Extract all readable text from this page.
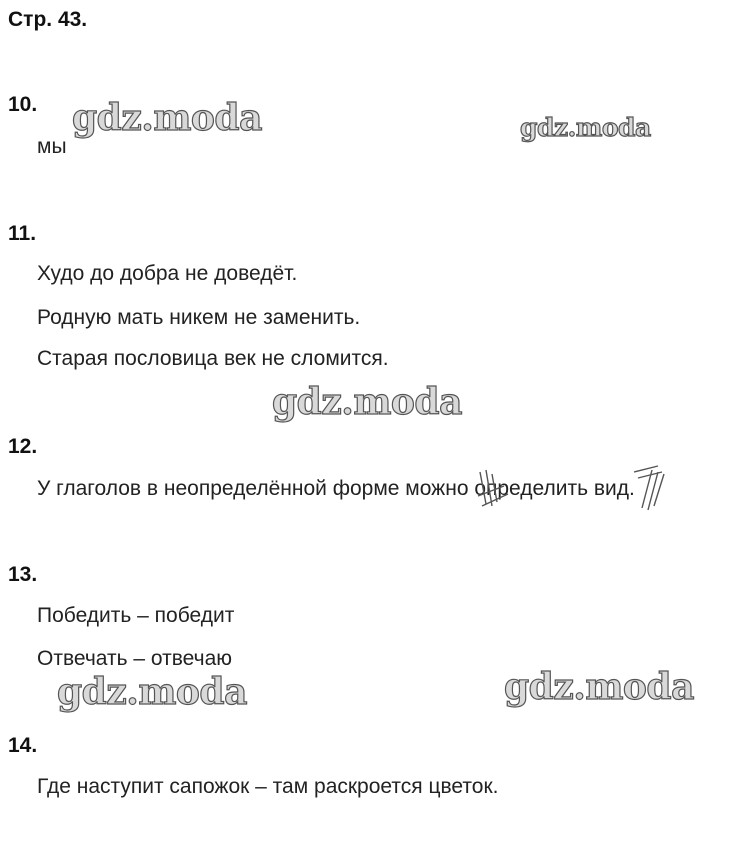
Стр. 43.
10.
мы
11.
Худо до добра не доведёт.
Родную мать никем не заменить.
Старая пословица век не сломится.
12.
У глаголов в неопределённой форме можно определить вид.
13.
Победить – победит
Отвечать – отвечаю
14.
Где наступит сапожок – там раскроется цветок.
gdz.moda	gdz.moda
gdz.moda
gdz.moda	gdz.moda
